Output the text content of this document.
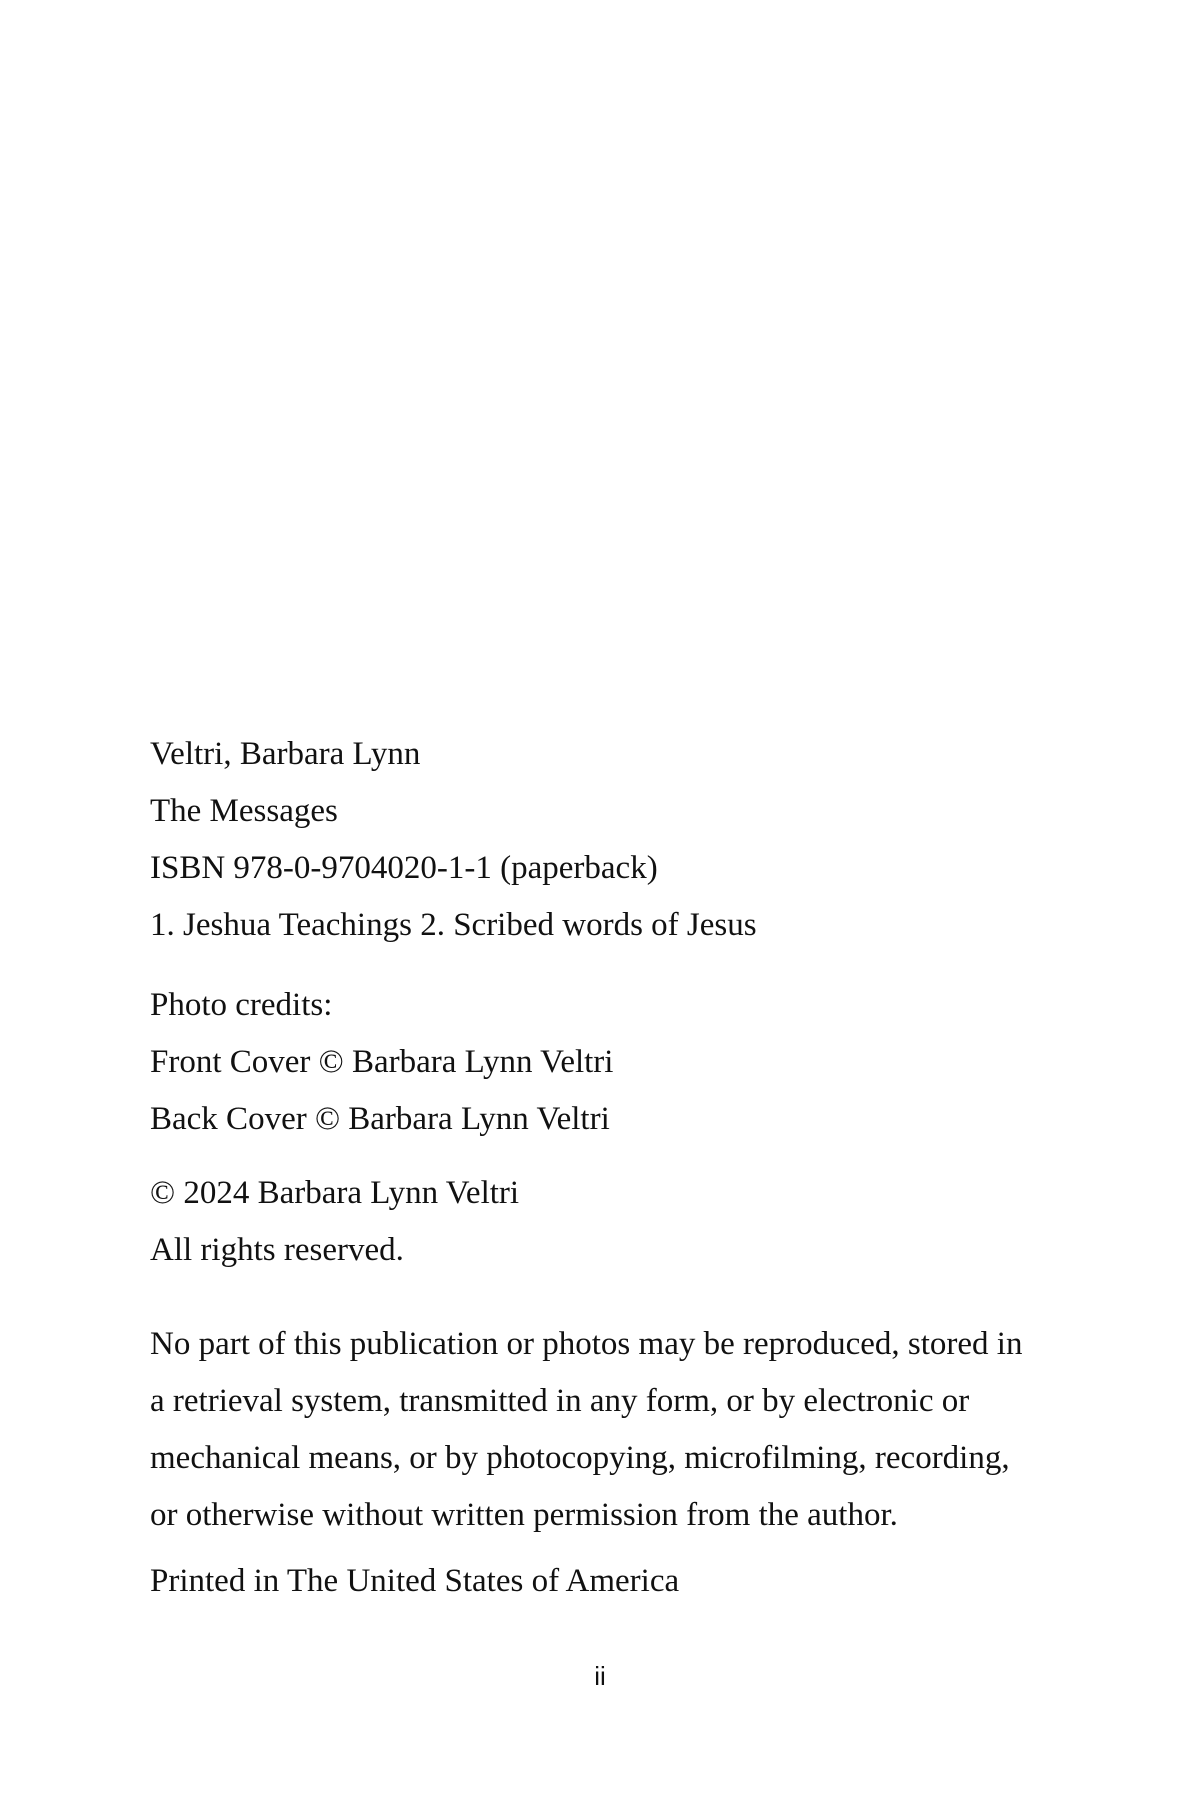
Veltri, Barbara Lynn
The Messages
ISBN 978-0-9704020-1-1 (paperback)
1. Jeshua Teachings 2. Scribed words of Jesus
Photo credits:
Front Cover © Barbara Lynn Veltri
Back Cover © Barbara Lynn Veltri
© 2024 Barbara Lynn Veltri
All rights reserved.
No part of this publication or photos may be reproduced, stored in
a retrieval system, transmitted in any form, or by electronic or
mechanical means, or by photocopying, microfilming, recording,
or otherwise without written permission from the author.
Printed in The United States of America
ii
